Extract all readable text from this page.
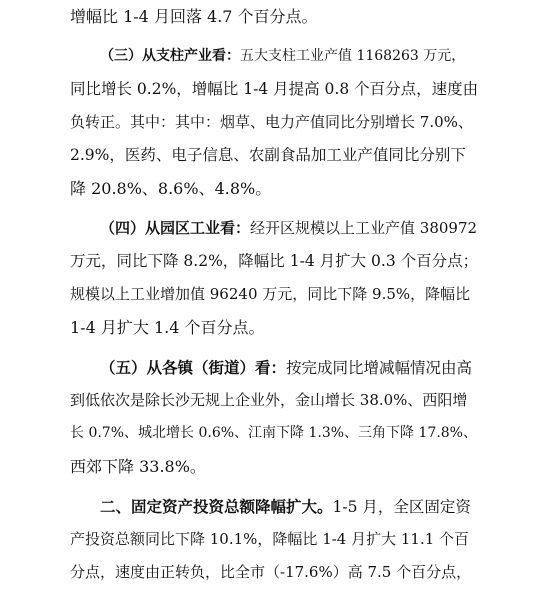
增幅比 1-4 月回落 4.7 个百分点。
（三）从支柱产业看：五大支柱工业产值 1168263 万元，
同比增长 0.2%，增幅比 1-4 月提高 0.8 个百分点，速度由
负转正。其中：其中：烟草、电力产值同比分别增长 7.0%、
2.9%，医药、电子信息、农副食品加工业产值同比分别下
降 20.8%、8.6%、4.8%。
（四）从园区工业看：经开区规模以上工业产值 380972
万元，同比下降 8.2%，降幅比 1-4 月扩大 0.3 个百分点；
规模以上工业增加值 96240 万元，同比下降 9.5%，降幅比
1-4 月扩大 1.4 个百分点。
（五）从各镇（街道）看：按完成同比增减幅情况由高
到低依次是除长沙无规上企业外，金山增长 38.0%、西阳增
长 0.7%、城北增长 0.6%、江南下降 1.3%、三角下降 17.8%、
西郊下降 33.8%。
二、固定资产投资总额降幅扩大。1-5 月，全区固定资
产投资总额同比下降 10.1%，降幅比 1-4 月扩大 11.1 个百
分点，速度由正转负，比全市（-17.6%）高 7.5 个百分点，
